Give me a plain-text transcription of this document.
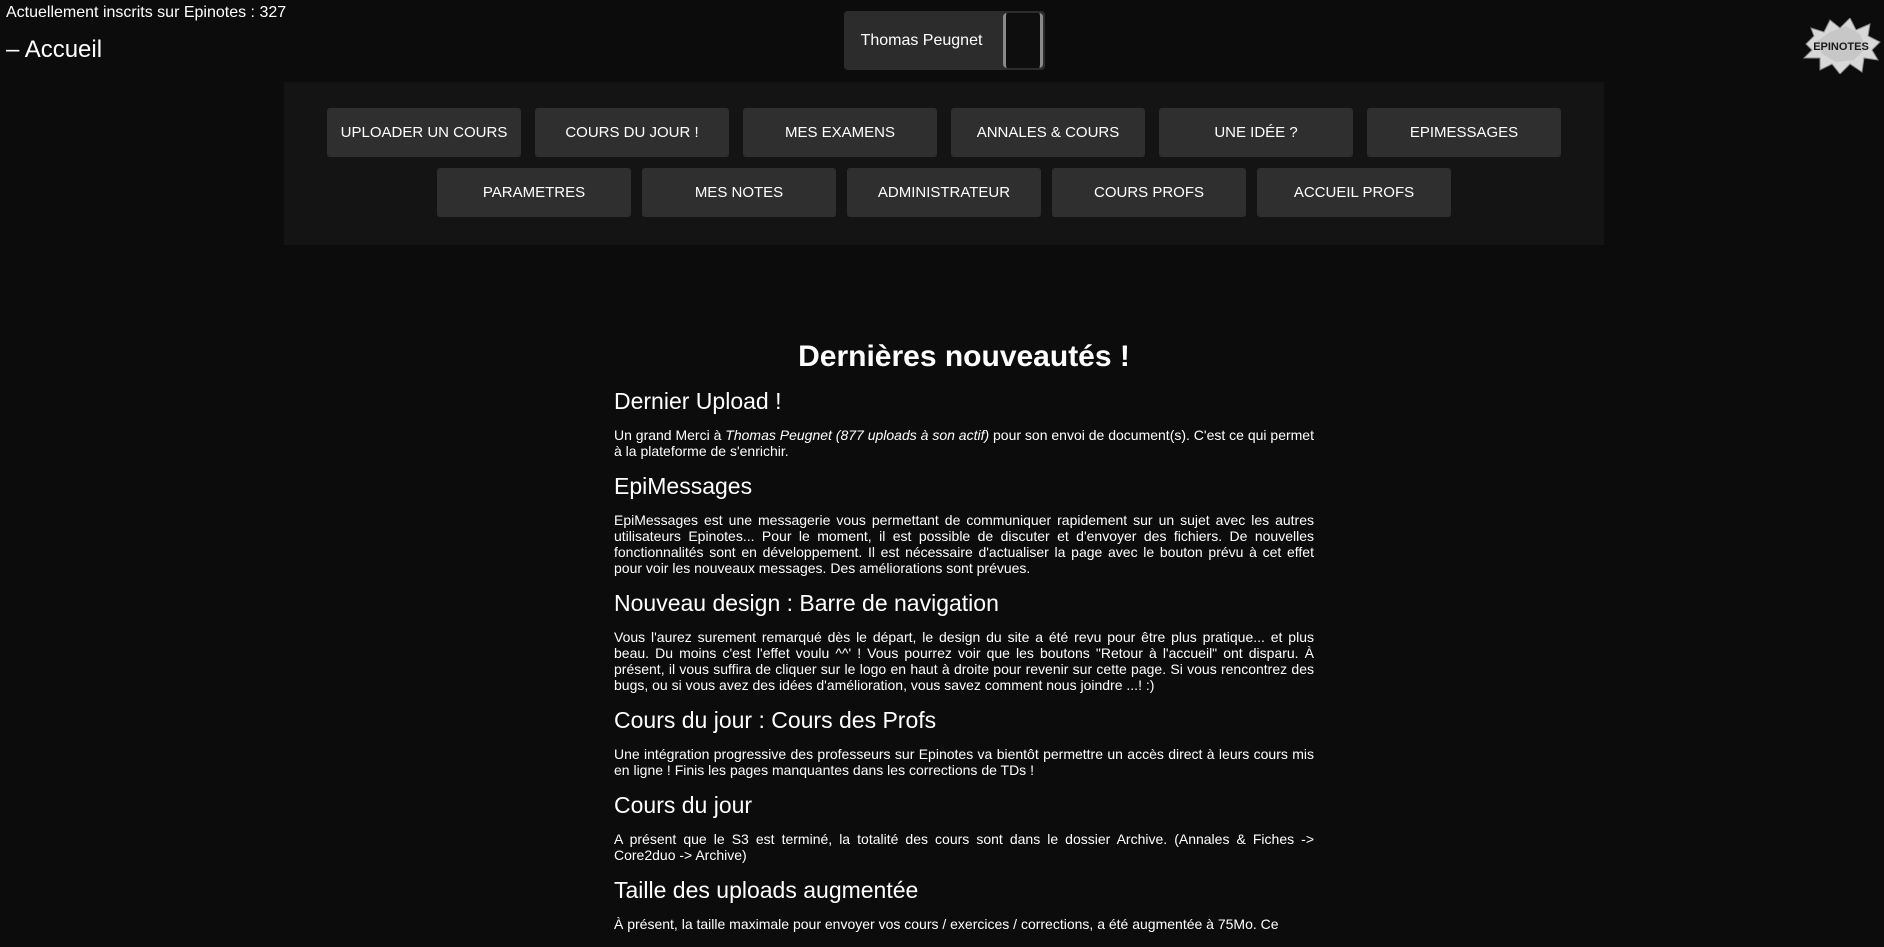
Actuellement inscrits sur Epinotes : 327
– Accueil	Thomas Peugnet	EPINOTES
UPLOADER UN COURS	COURS DU JOUR !	MES EXAMENS	ANNALES & COURS	UNE IDÉE ?	EPIMESSAGES
PARAMETRES	MES NOTES	ADMINISTRATEUR	COURS PROFS	ACCUEIL PROFS
Dernières nouveautés !
Dernier Upload !

Un grand Merci à Thomas Peugnet (877 uploads à son actif) pour son envoi de document(s). C'est ce qui permet à la plateforme de s'enrichir.

EpiMessages

EpiMessages est une messagerie vous permettant de communiquer rapidement sur un sujet avec les autres utilisateurs Epinotes... Pour le moment, il est possible de discuter et d'envoyer des fichiers. De nouvelles fonctionnalités sont en développement. Il est nécessaire d'actualiser la page avec le bouton prévu à cet effet pour voir les nouveaux messages. Des améliorations sont prévues.

Nouveau design : Barre de navigation

Vous l'aurez surement remarqué dès le départ, le design du site a été revu pour être plus pratique... et plus beau. Du moins c'est l'effet voulu ^^' ! Vous pourrez voir que les boutons "Retour à l'accueil" ont disparu. À présent, il vous suffira de cliquer sur le logo en haut à droite pour revenir sur cette page. Si vous rencontrez des bugs, ou si vous avez des idées d'amélioration, vous savez comment nous joindre ...! :)

Cours du jour : Cours des Profs

Une intégration progressive des professeurs sur Epinotes va bientôt permettre un accès direct à leurs cours mis en ligne ! Finis les pages manquantes dans les corrections de TDs !

Cours du jour

A présent que le S3 est terminé, la totalité des cours sont dans le dossier Archive. (Annales & Fiches -> Core2duo -> Archive)

Taille des uploads augmentée

À présent, la taille maximale pour envoyer vos cours / exercices / corrections, a été augmentée à 75Mo. Ce
